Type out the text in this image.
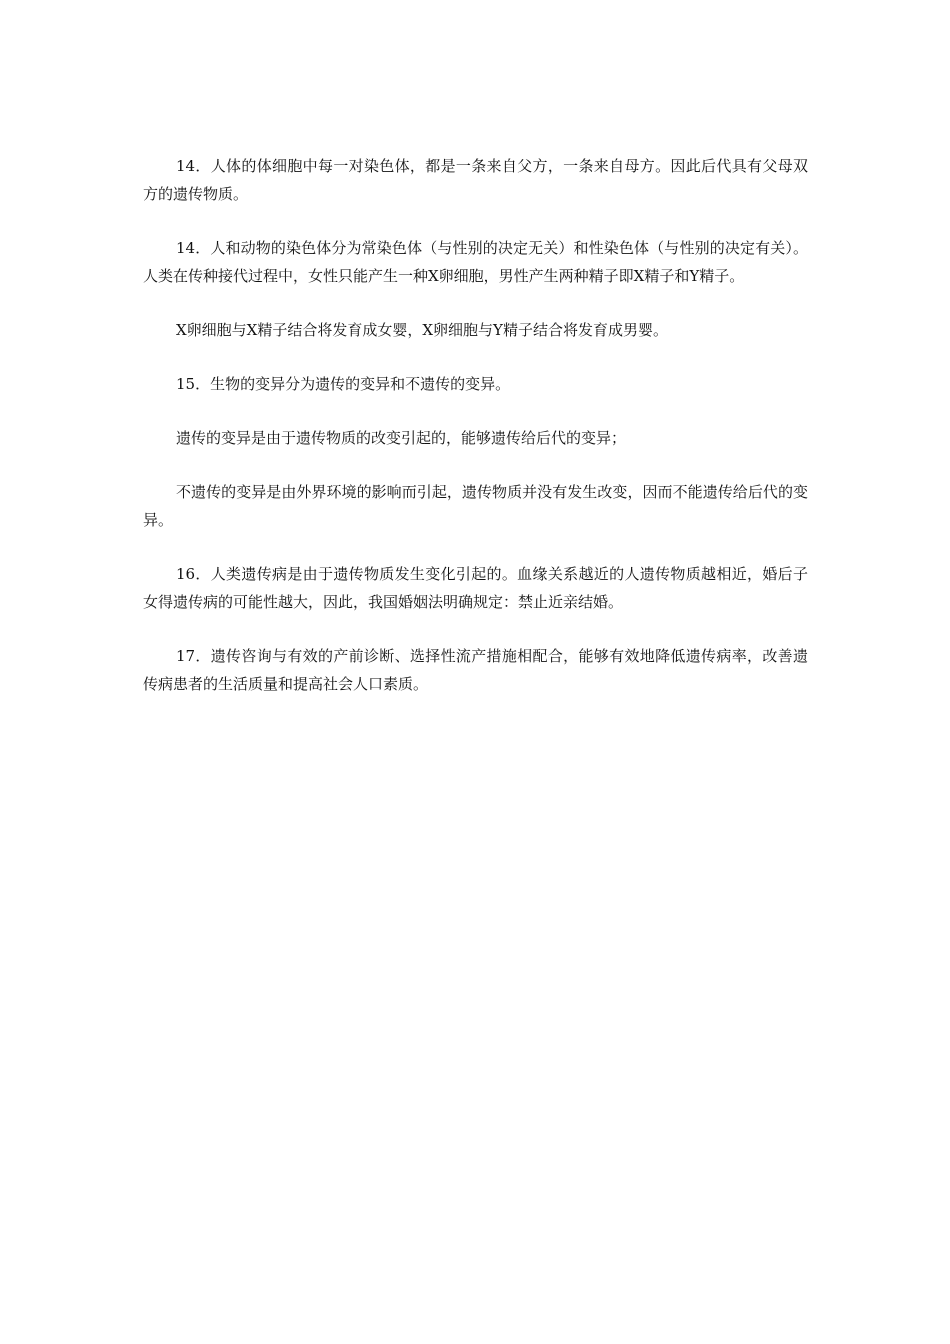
14．人体的体细胞中每一对染色体，都是一条来自父方，一条来自母方。因此后代具有父母双方的遗传物质。

14．人和动物的染色体分为常染色体（与性别的决定无关）和性染色体（与性别的决定有关）。人类在传种接代过程中，女性只能产生一种X卵细胞，男性产生两种精子即X精子和Y精子。

X卵细胞与X精子结合将发育成女婴，X卵细胞与Y精子结合将发育成男婴。

15．生物的变异分为遗传的变异和不遗传的变异。

遗传的变异是由于遗传物质的改变引起的，能够遗传给后代的变异；

不遗传的变异是由外界环境的影响而引起，遗传物质并没有发生改变，因而不能遗传给后代的变异。

16．人类遗传病是由于遗传物质发生变化引起的。血缘关系越近的人遗传物质越相近，婚后子女得遗传病的可能性越大，因此，我国婚姻法明确规定：禁止近亲结婚。

17．遗传咨询与有效的产前诊断、选择性流产措施相配合，能够有效地降低遗传病率，改善遗传病患者的生活质量和提高社会人口素质。
